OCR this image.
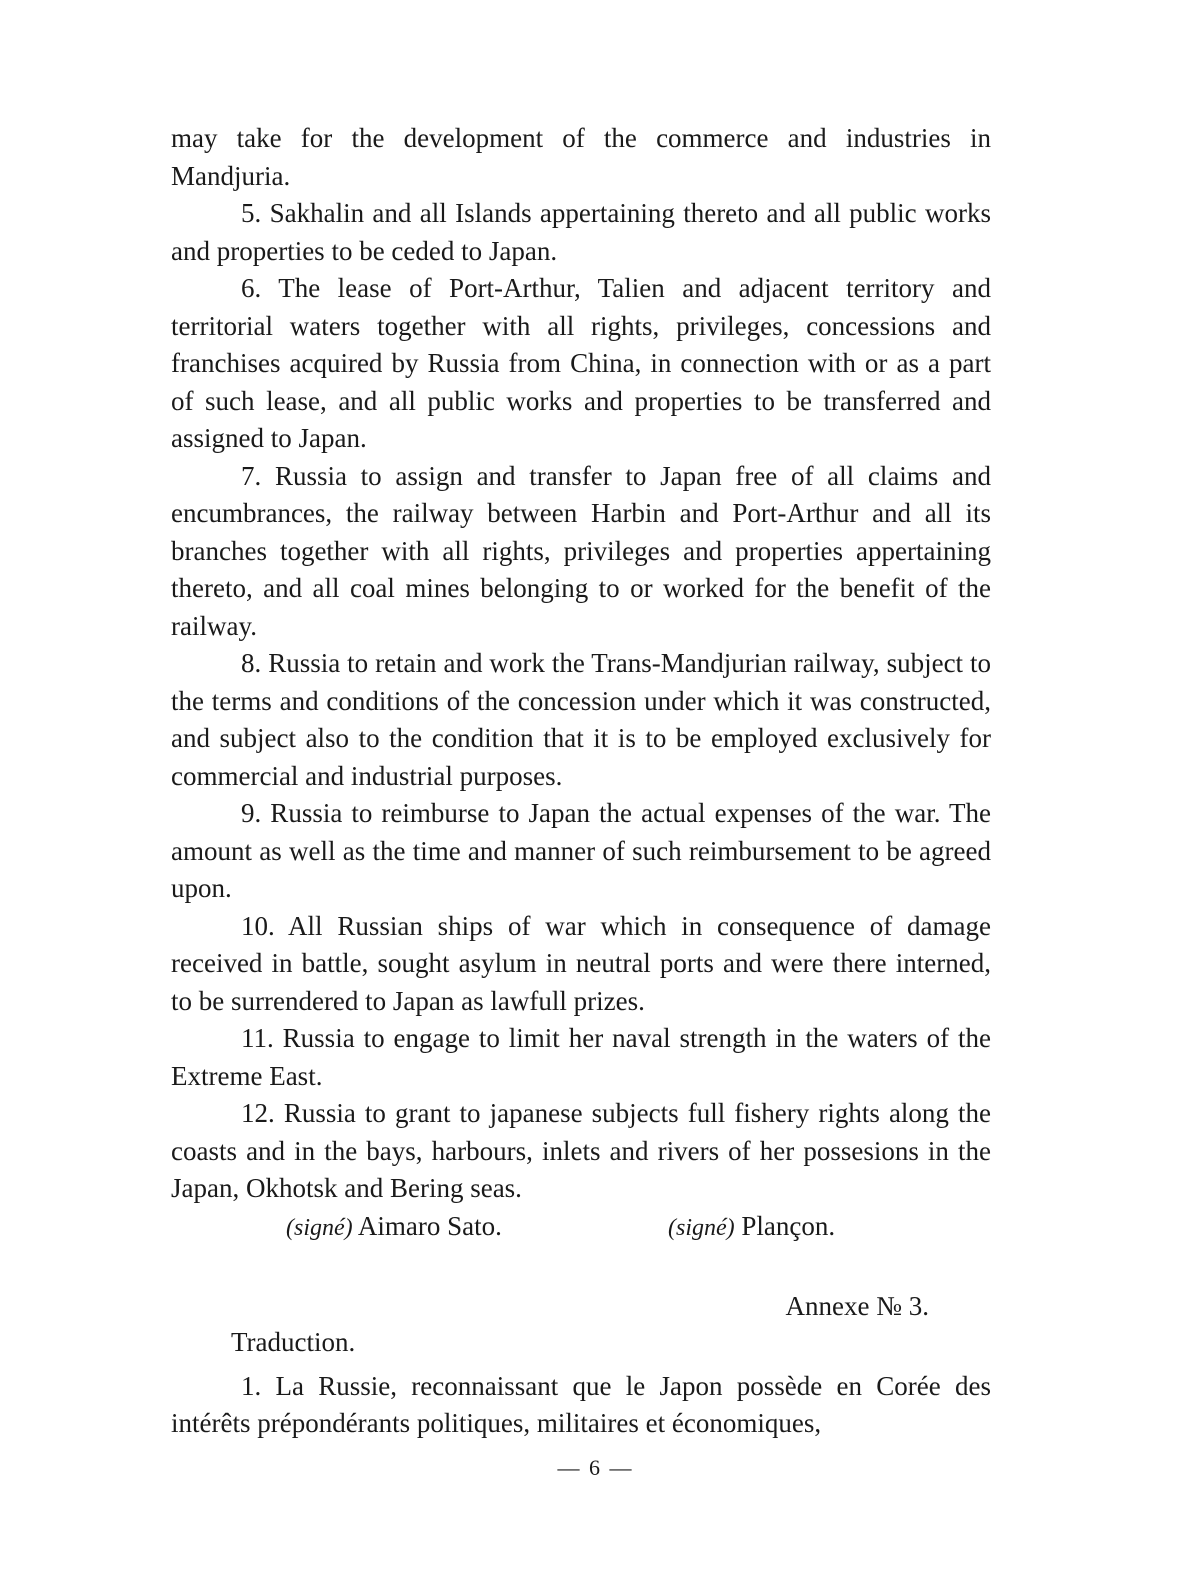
may take for the development of the commerce and industries in Mandjuria.

5. Sakhalin and all Islands appertaining thereto and all public works and properties to be ceded to Japan.

6. The lease of Port-Arthur, Talien and adjacent territory and territorial waters together with all rights, privileges, concessions and franchises acquired by Russia from China, in connection with or as a part of such lease, and all public works and properties to be transferred and assigned to Japan.

7. Russia to assign and transfer to Japan free of all claims and encumbrances, the railway between Harbin and Port-Arthur and all its branches together with all rights, privileges and properties appertaining thereto, and all coal mines belonging to or worked for the benefit of the railway.

8. Russia to retain and work the Trans-Mandjurian railway, subject to the terms and conditions of the concession under which it was constructed, and subject also to the condition that it is to be employed exclusively for commercial and industrial purposes.

9. Russia to reimburse to Japan the actual expenses of the war. The amount as well as the time and manner of such reimbursement to be agreed upon.

10. All Russian ships of war which in consequence of damage received in battle, sought asylum in neutral ports and were there interned, to be surrendered to Japan as lawfull prizes.

11. Russia to engage to limit her naval strength in the waters of the Extreme East.

12. Russia to grant to japanese subjects full fishery rights along the coasts and in the bays, harbours, inlets and rivers of her possesions in the Japan, Okhotsk and Bering seas.

(signé) Aimaro Sato.	(signé) Plançon.
Annexe № 3.
Traduction.

1. La Russie, reconnaissant que le Japon possède en Corée des intérêts prépondérants politiques, militaires et économiques,

— 6 —
